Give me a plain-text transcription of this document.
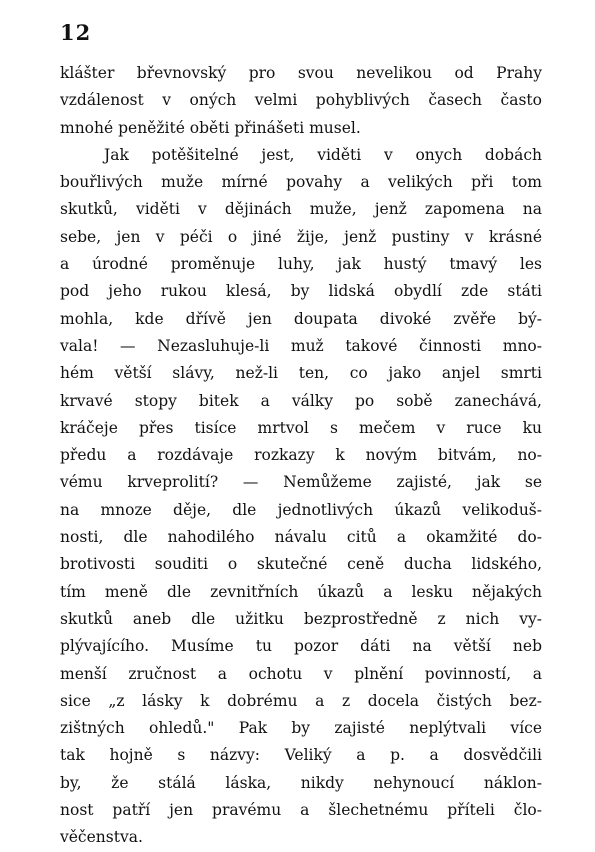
12
klášter břevnovský pro svou nevelikou od Prahy
vzdálenost v oných velmi pohyblivých časech často
mnohé peněžité oběti přinášeti musel.
Jak potěšitelné jest, viděti v onych dobách
bouřlivých muže mírné povahy a velikých při tom
skutků, viděti v dějinách muže, jenž zapomena na
sebe, jen v péči o jiné žije, jenž pustiny v krásné
a úrodné proměnuje luhy, jak hustý tmavý les
pod jeho rukou klesá, by lidská obydlí zde státi
mohla, kde dřívě jen doupata divoké zvěře bý-
vala! — Nezasluhuje-li muž takové činnosti mno-
hém větší slávy, než-li ten, co jako anjel smrti
krvavé stopy bitek a války po sobě zanechává,
kráčeje přes tisíce mrtvol s mečem v ruce ku
předu a rozdávaje rozkazy k novým bitvám, no-
vému krveprolití? — Nemůžeme zajisté, jak se
na mnoze děje, dle jednotlivých úkazů velikoduš-
nosti, dle nahodilého návalu citů a okamžité do-
brotivosti souditi o skutečné ceně ducha lidského,
tím meně dle zevnitřních úkazů a lesku nějakých
skutků aneb dle užitku bezprostředně z nich vy-
plývajícího. Musíme tu pozor dáti na větší neb
menší zručnost a ochotu v plnění povinností, a
sice „z lásky k dobrému a z docela čistých bez-
zištných ohledů." Pak by zajisté neplýtvali více
tak hojně s názvy: Veliký a p. a dosvědčili
by, že stálá láska, nikdy nehynoucí náklon-
nost patří jen pravému a šlechetnému příteli člo-
věčenstva.
